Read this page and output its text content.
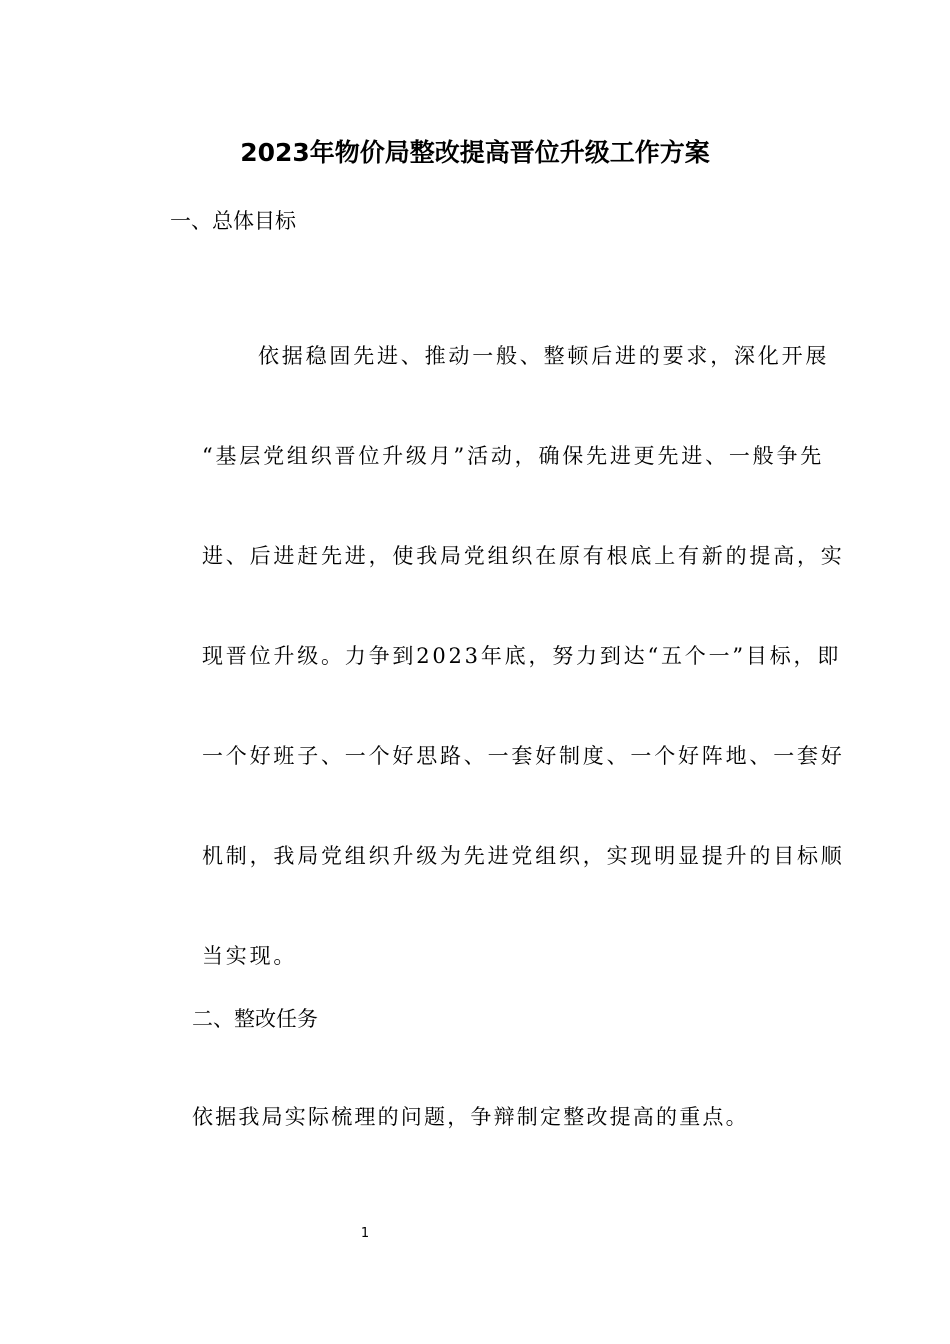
2023年物价局整改提高晋位升级工作方案
一、总体目标
依据稳固先进、推动一般、整顿后进的要求，深化开展
“基层党组织晋位升级月”活动，确保先进更先进、一般争先
进、后进赶先进，使我局党组织在原有根底上有新的提高，实
现晋位升级。力争到2023年底，努力到达“五个一”目标，即
一个好班子、一个好思路、一套好制度、一个好阵地、一套好
机制，我局党组织升级为先进党组织，实现明显提升的目标顺
当实现。
二、整改任务
依据我局实际梳理的问题，争辩制定整改提高的重点。
1
